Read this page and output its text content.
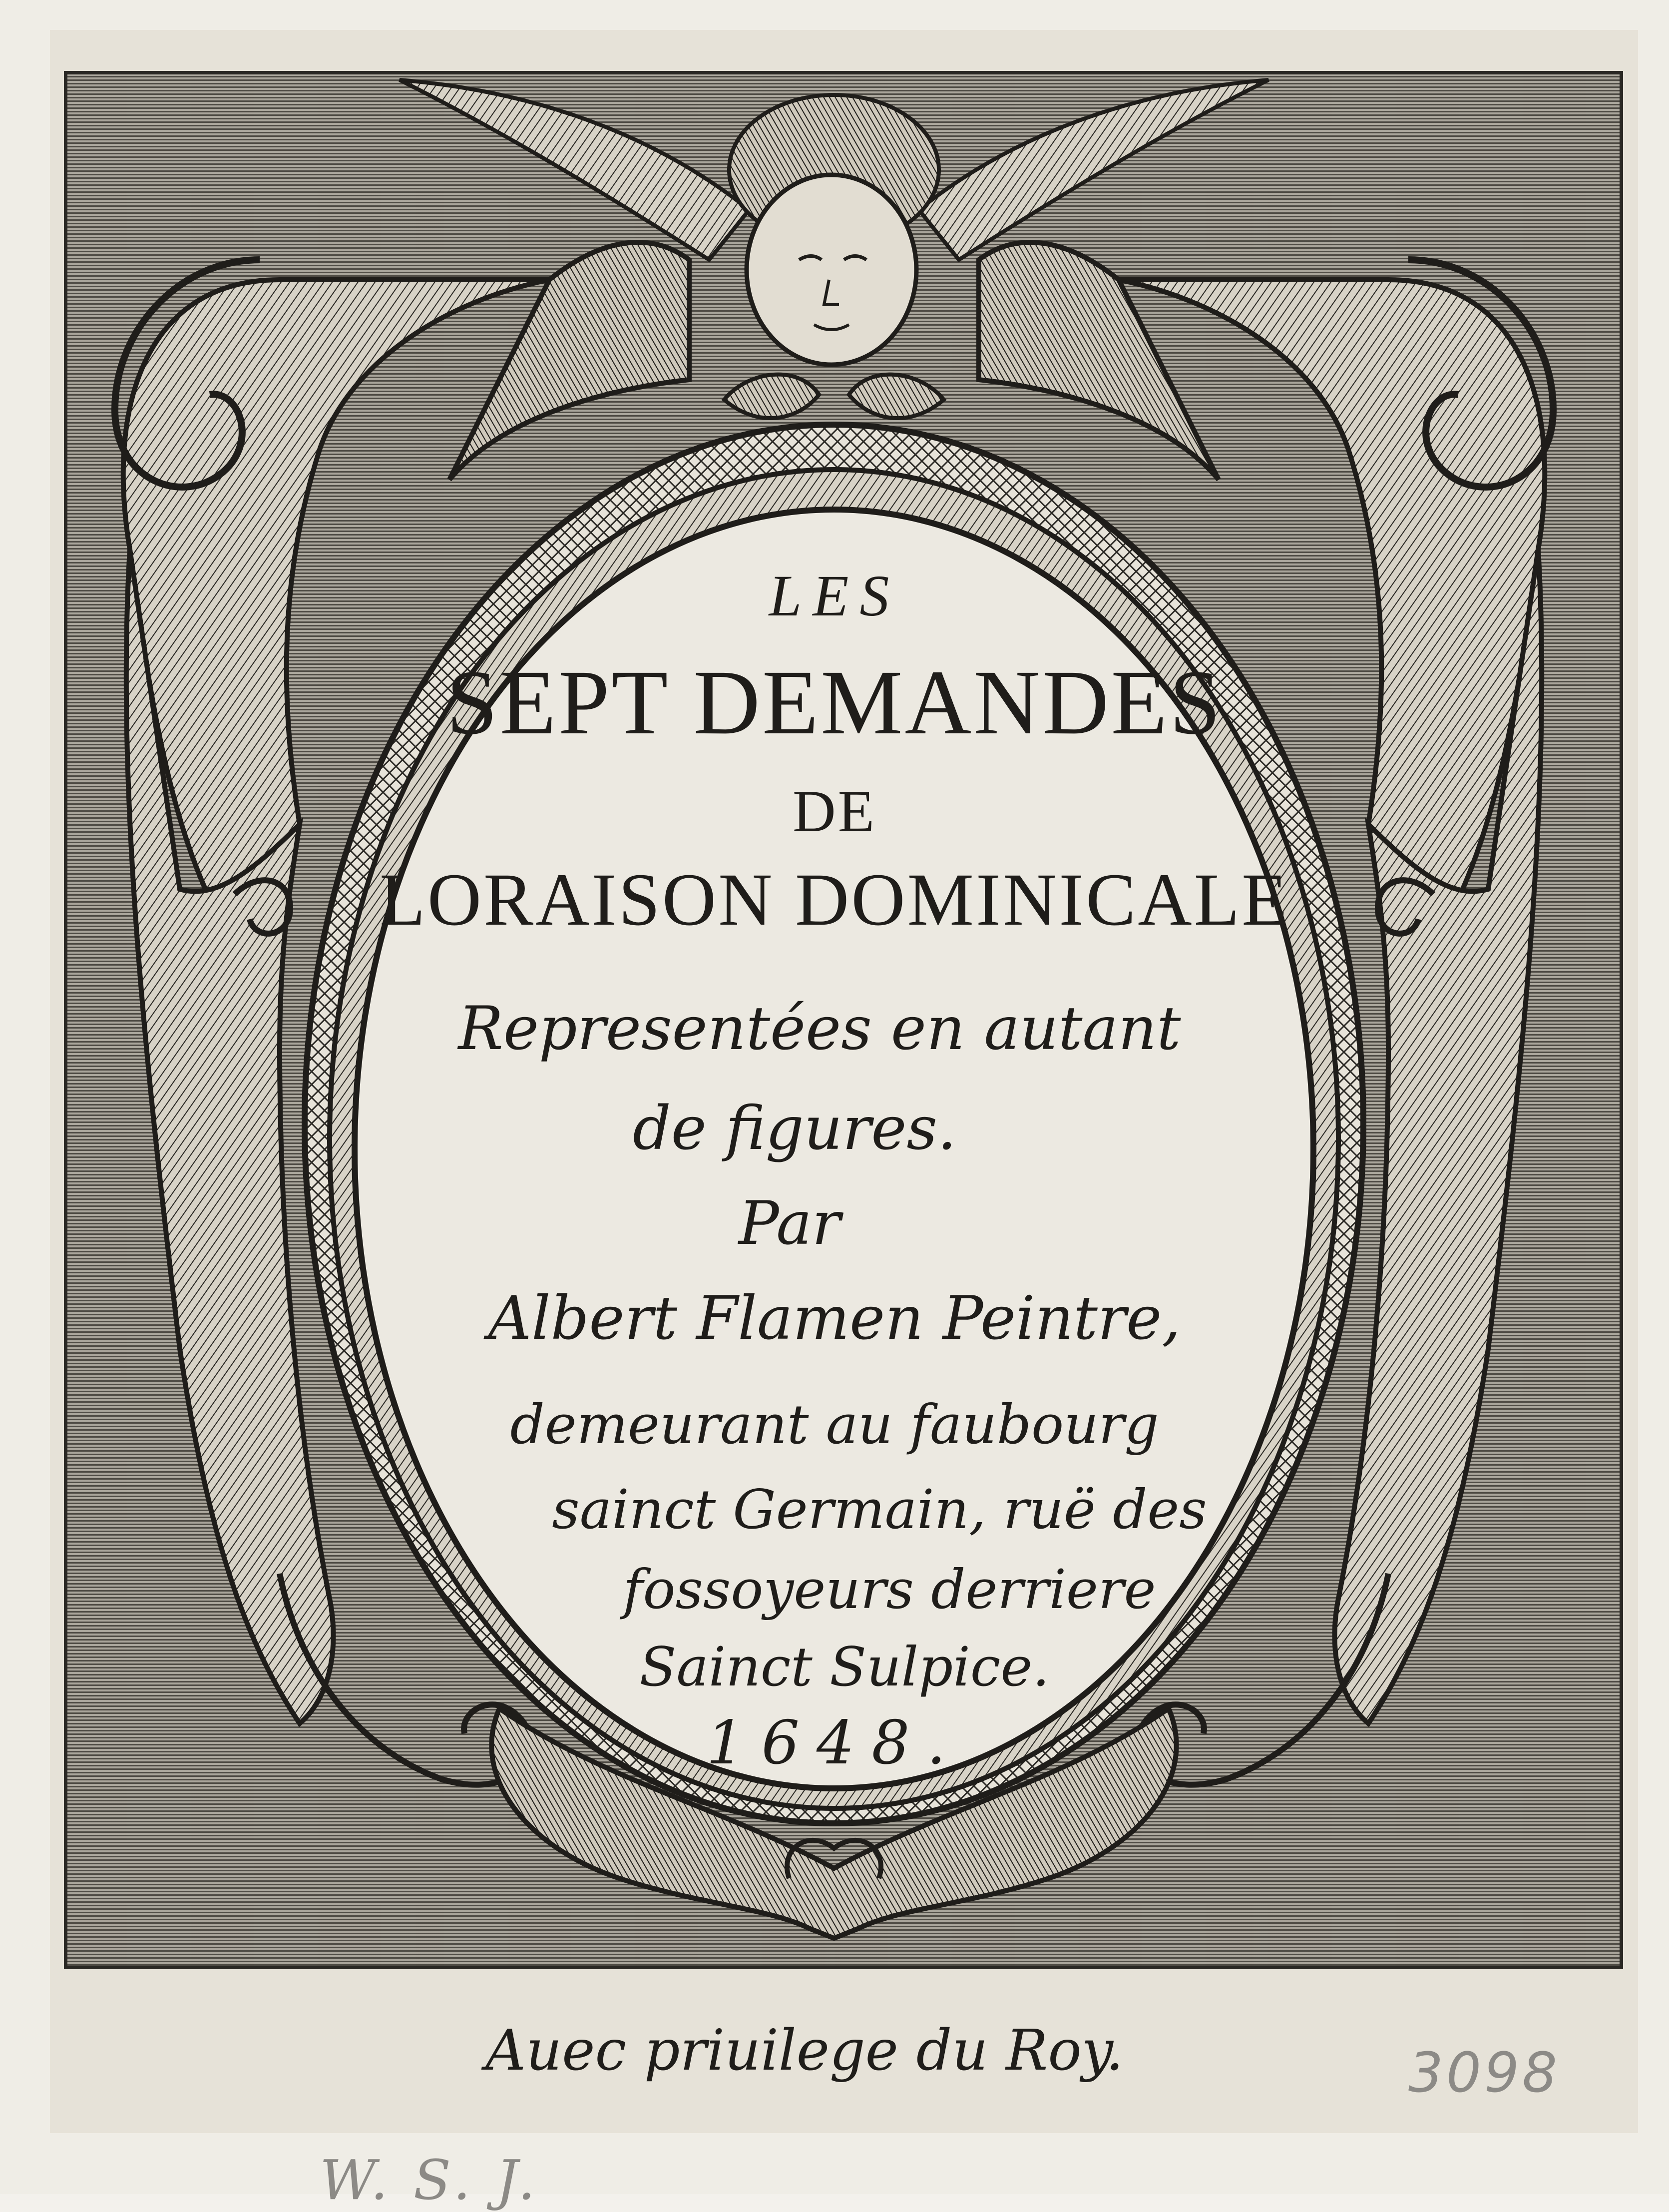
LES
SEPT DEMANDES
DE
LORAISON DOMINICALE
Representées en autant
de figures.
Par
Albert Flamen Peintre,
demeurant au faubourg
sainct Germain, ruë des
fossoyeurs derriere
Sainct Sulpice.
1648.
Auec priuilege du Roy.	3098
W. S. J.
